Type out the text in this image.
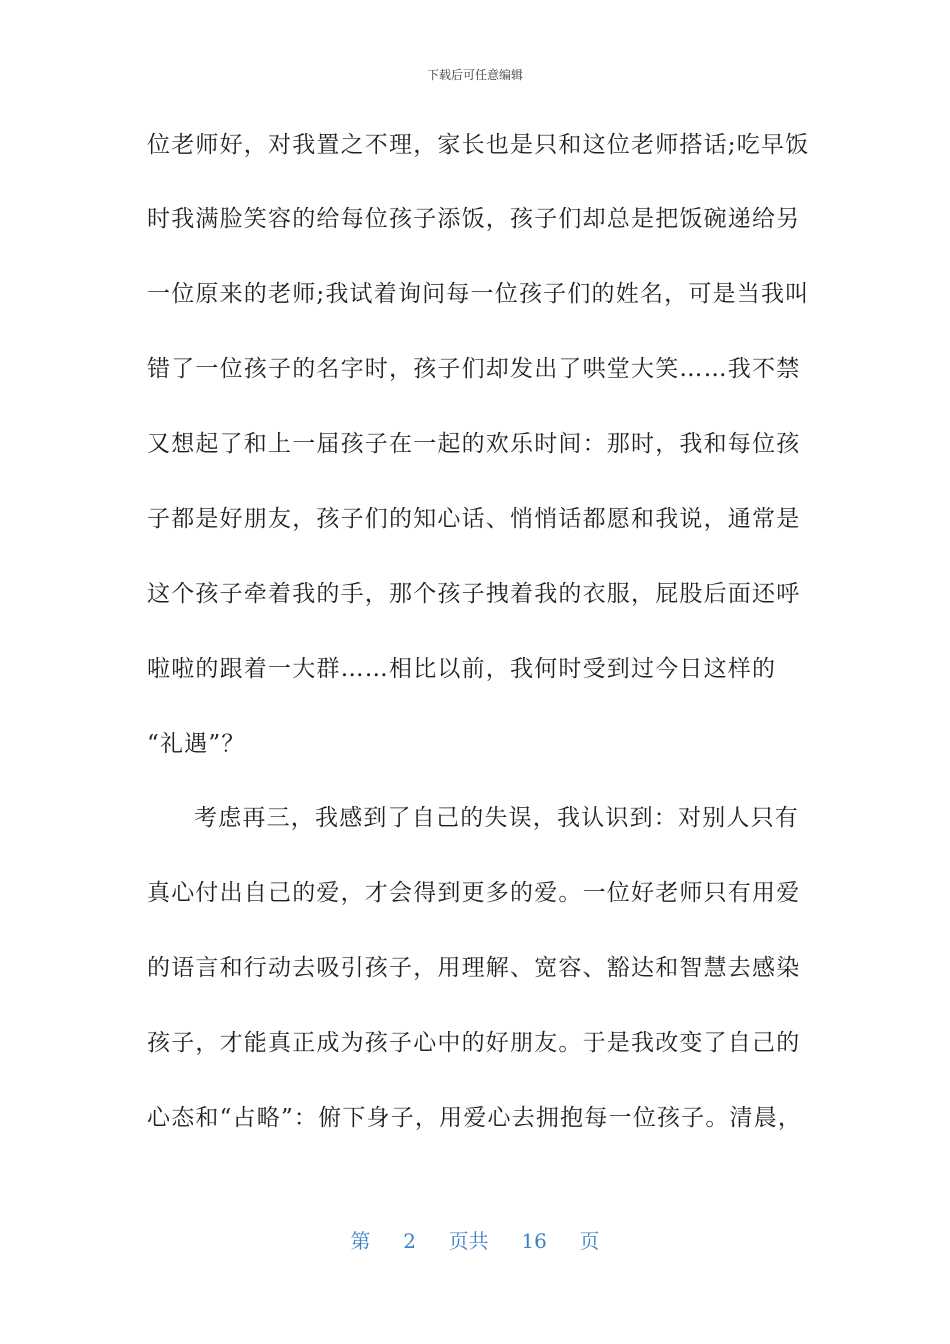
下载后可任意编辑
位老师好，对我置之不理，家长也是只和这位老师搭话;吃早饭
时我满脸笑容的给每位孩子添饭，孩子们却总是把饭碗递给另
一位原来的老师;我试着询问每一位孩子们的姓名，可是当我叫
错了一位孩子的名字时，孩子们却发出了哄堂大笑……我不禁
又想起了和上一届孩子在一起的欢乐时间：那时，我和每位孩
子都是好朋友，孩子们的知心话、悄悄话都愿和我说，通常是
这个孩子牵着我的手，那个孩子拽着我的衣服，屁股后面还呼
啦啦的跟着一大群……相比以前，我何时受到过今日这样的
“礼遇”？
考虑再三，我感到了自己的失误，我认识到：对别人只有
真心付出自己的爱，才会得到更多的爱。一位好老师只有用爱
的语言和行动去吸引孩子，用理解、宽容、豁达和智慧去感染
孩子，才能真正成为孩子心中的好朋友。于是我改变了自己的
心态和“占略”：俯下身子，用爱心去拥抱每一位孩子。清晨，
第 2 页共 16 页
